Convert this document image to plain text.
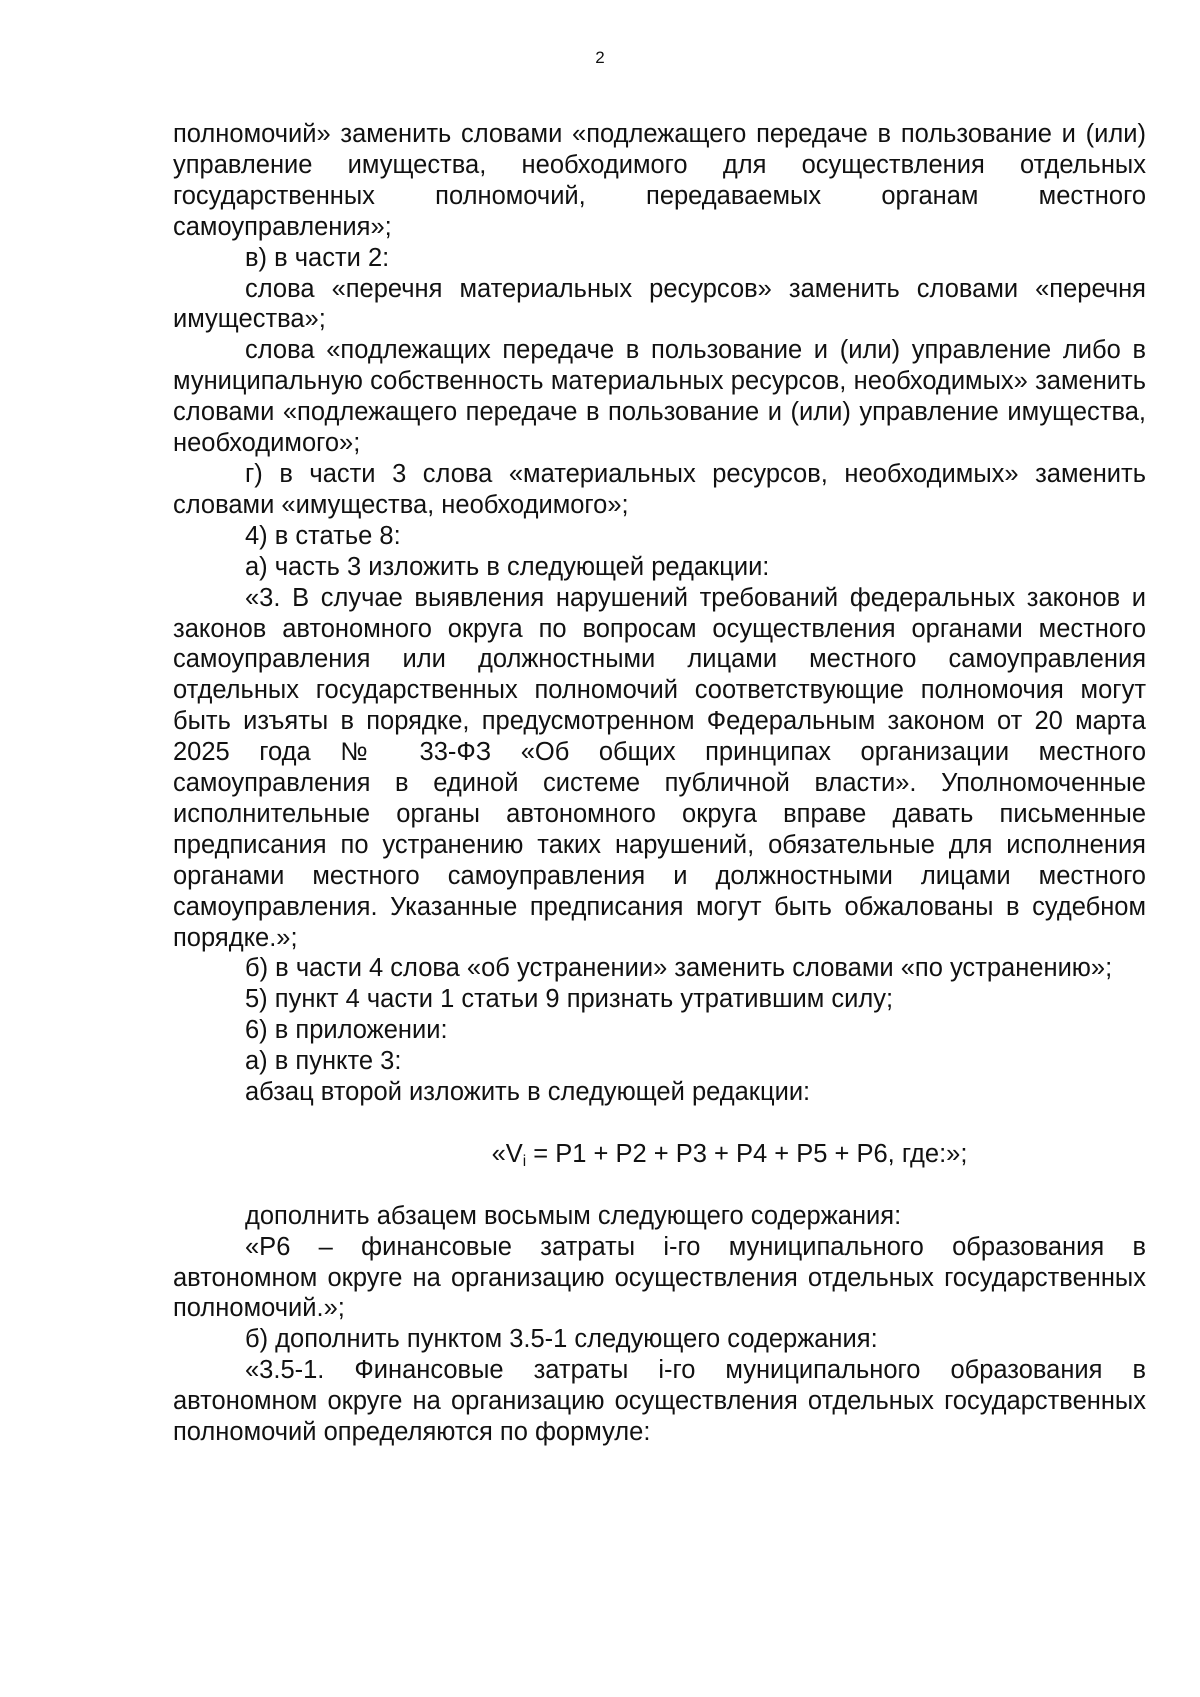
2

полномочий» заменить словами «подлежащего передаче в пользование и (или) управление имущества, необходимого для осуществления отдельных государственных полномочий, передаваемых органам местного самоуправления»;

в) в части 2:

слова «перечня материальных ресурсов» заменить словами «перечня имущества»;

слова «подлежащих передаче в пользование и (или) управление либо в муниципальную собственность материальных ресурсов, необходимых» заменить словами «подлежащего передаче в пользование и (или) управление имущества, необходимого»;

г) в части 3 слова «материальных ресурсов, необходимых» заменить словами «имущества, необходимого»;

4) в статье 8:

а) часть 3 изложить в следующей редакции:

«3. В случае выявления нарушений требований федеральных законов и законов автономного округа по вопросам осуществления органами местного самоуправления или должностными лицами местного самоуправления отдельных государственных полномочий соответствующие полномочия могут быть изъяты в порядке, предусмотренном Федеральным законом от 20 марта 2025 года № 33-ФЗ «Об общих принципах организации местного самоуправления в единой системе публичной власти». Уполномоченные исполнительные органы автономного округа вправе давать письменные предписания по устранению таких нарушений, обязательные для исполнения органами местного самоуправления и должностными лицами местного самоуправления. Указанные предписания могут быть обжалованы в судебном порядке.»;

б) в части 4 слова «об устранении» заменить словами «по устранению»;

5) пункт 4 части 1 статьи 9 признать утратившим силу;

6) в приложении:

а) в пункте 3:

абзац второй изложить в следующей редакции:

«$V_i = P1 + P2 + P3 + P4 + P5 + P6$, где:»;

дополнить абзацем восьмым следующего содержания:

«P6 – финансовые затраты i-го муниципального образования в автономном округе на организацию осуществления отдельных государственных полномочий.»;

б) дополнить пунктом 3.5-1 следующего содержания:

«3.5-1. Финансовые затраты i-го муниципального образования в автономном округе на организацию осуществления отдельных государственных полномочий определяются по формуле:
